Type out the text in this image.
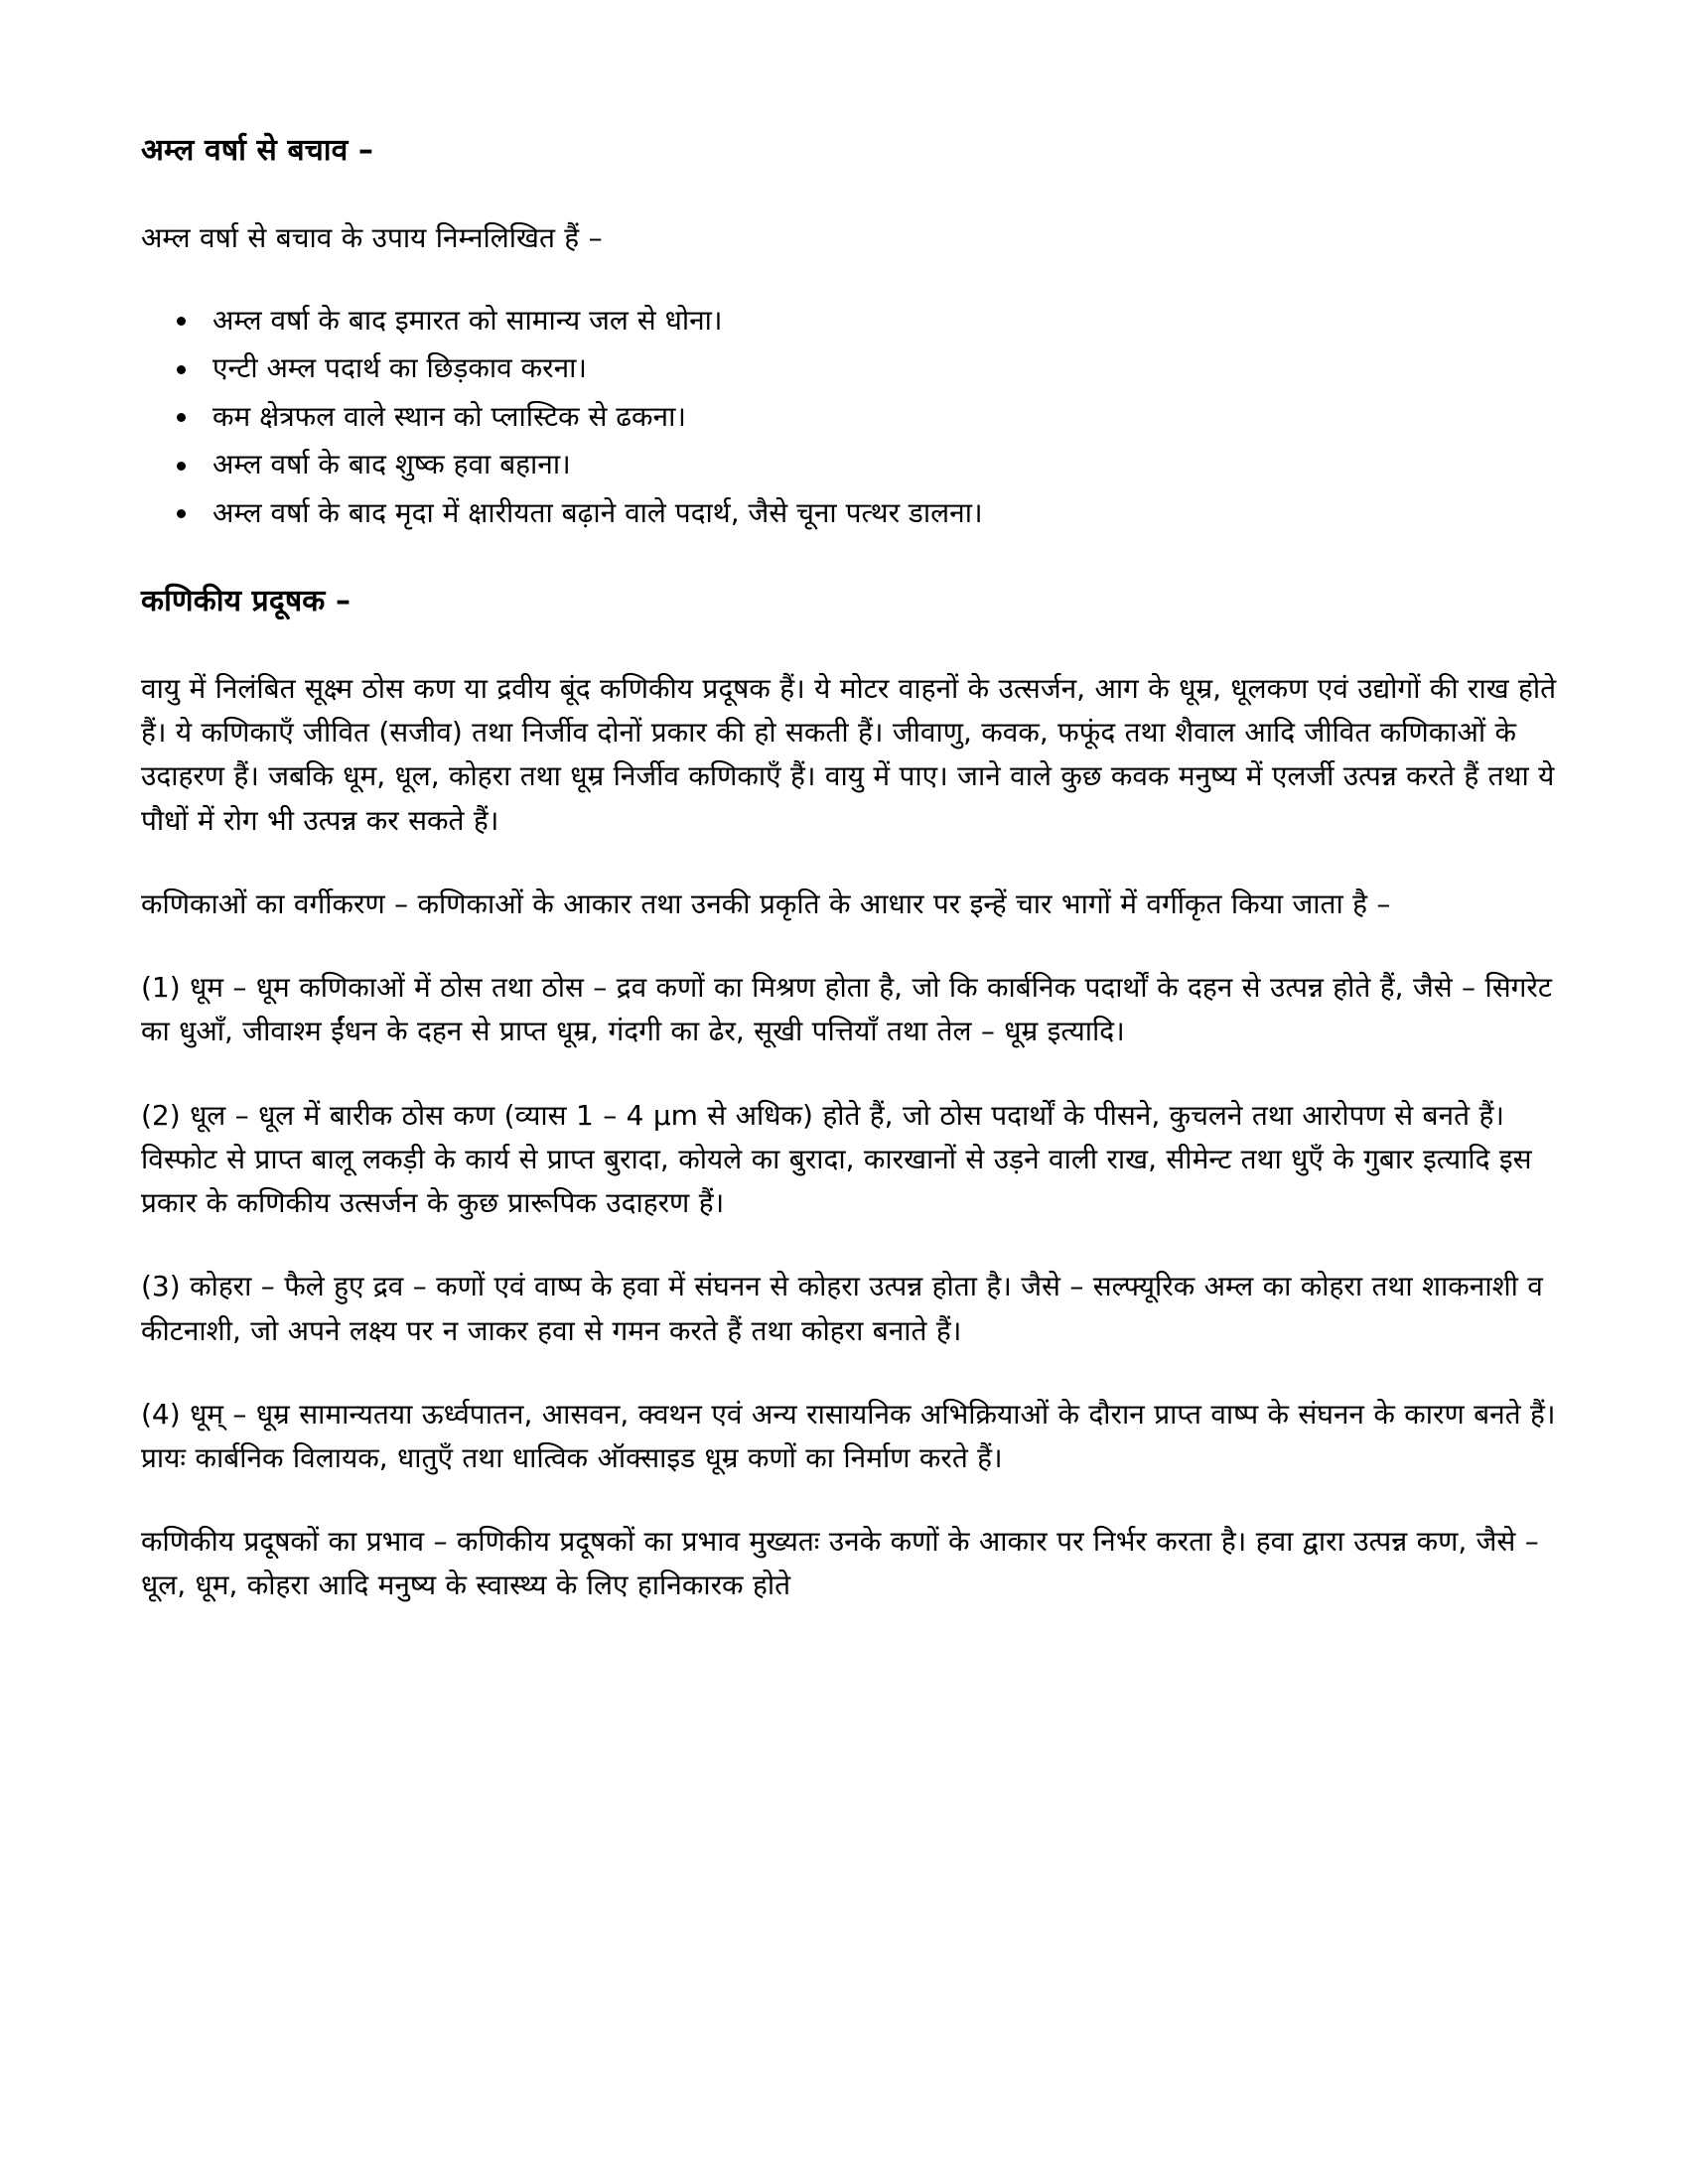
अम्ल वर्षा से बचाव –

अम्ल वर्षा से बचाव के उपाय निम्नलिखित हैं –

अम्ल वर्षा के बाद इमारत को सामान्य जल से धोना।
एन्टी अम्ल पदार्थ का छिड़काव करना।
कम क्षेत्रफल वाले स्थान को प्लास्टिक से ढकना।
अम्ल वर्षा के बाद शुष्क हवा बहाना।
अम्ल वर्षा के बाद मृदा में क्षारीयता बढ़ाने वाले पदार्थ, जैसे चूना पत्थर डालना।
कणिकीय प्रदूषक –

वायु में निलंबित सूक्ष्म ठोस कण या द्रवीय बूंद कणिकीय प्रदूषक हैं। ये मोटर वाहनों के उत्सर्जन, आग के धूम्र, धूलकण एवं उद्योगों की राख होते हैं। ये कणिकाएँ जीवित (सजीव) तथा निर्जीव दोनों प्रकार की हो सकती हैं। जीवाणु, कवक, फफूंद तथा शैवाल आदि जीवित कणिकाओं के उदाहरण हैं। जबकि धूम, धूल, कोहरा तथा धूम्र निर्जीव कणिकाएँ हैं। वायु में पाए। जाने वाले कुछ कवक मनुष्य में एलर्जी उत्पन्न करते हैं तथा ये पौधों में रोग भी उत्पन्न कर सकते हैं।

कणिकाओं का वर्गीकरण – कणिकाओं के आकार तथा उनकी प्रकृति के आधार पर इन्हें चार भागों में वर्गीकृत किया जाता है –

(1) धूम – धूम कणिकाओं में ठोस तथा ठोस – द्रव कणों का मिश्रण होता है, जो कि कार्बनिक पदार्थों के दहन से उत्पन्न होते हैं, जैसे – सिगरेट का धुआँ, जीवाश्म ईंधन के दहन से प्राप्त धूम्र, गंदगी का ढेर, सूखी पत्तियाँ तथा तेल – धूम्र इत्यादि।

(2) धूल – धूल में बारीक ठोस कण (व्यास 1 – 4 μm से अधिक) होते हैं, जो ठोस पदार्थों के पीसने, कुचलने तथा आरोपण से बनते हैं। विस्फोट से प्राप्त बालू लकड़ी के कार्य से प्राप्त बुरादा, कोयले का बुरादा, कारखानों से उड़ने वाली राख, सीमेन्ट तथा धुएँ के गुबार इत्यादि इस प्रकार के कणिकीय उत्सर्जन के कुछ प्रारूपिक उदाहरण हैं।

(3) कोहरा – फैले हुए द्रव – कणों एवं वाष्प के हवा में संघनन से कोहरा उत्पन्न होता है। जैसे – सल्फ्यूरिक अम्ल का कोहरा तथा शाकनाशी व कीटनाशी, जो अपने लक्ष्य पर न जाकर हवा से गमन करते हैं तथा कोहरा बनाते हैं।

(4) धूम् – धूम्र सामान्यतया ऊर्ध्वपातन, आसवन, क्वथन एवं अन्य रासायनिक अभिक्रियाओं के दौरान प्राप्त वाष्प के संघनन के कारण बनते हैं। प्रायः कार्बनिक विलायक, धातुएँ तथा धात्विक ऑक्साइड धूम्र कणों का निर्माण करते हैं।

कणिकीय प्रदूषकों का प्रभाव – कणिकीय प्रदूषकों का प्रभाव मुख्यतः उनके कणों के आकार पर निर्भर करता है। हवा द्वारा उत्पन्न कण, जैसे – धूल, धूम, कोहरा आदि मनुष्य के स्वास्थ्य के लिए हानिकारक होते
